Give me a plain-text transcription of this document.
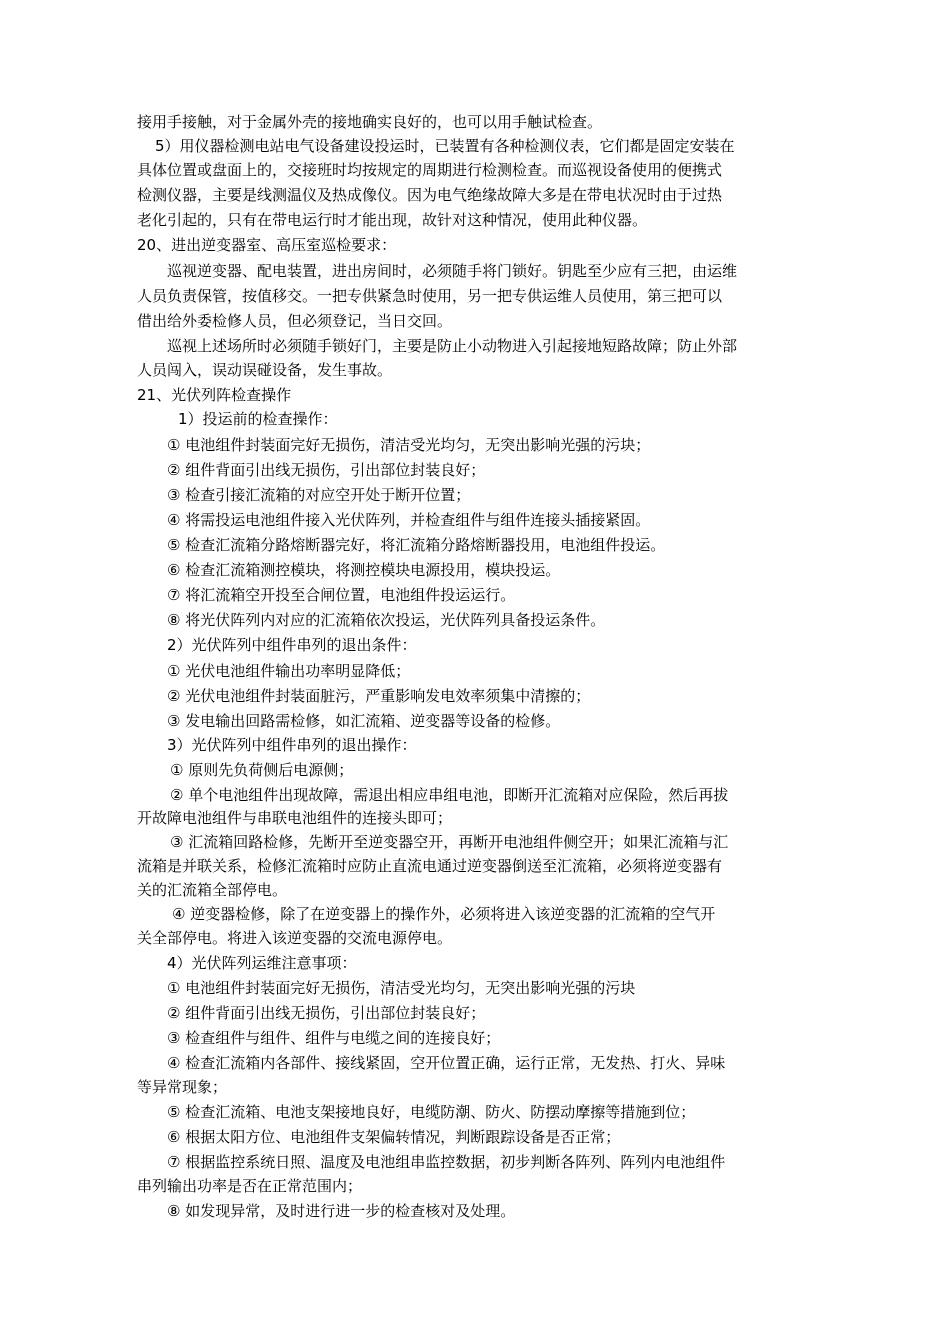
接用手接触，对于金属外壳的接地确实良好的，也可以用手触试检查。
5）用仪器检测电站电气设备建设投运时，已装置有各种检测仪表，它们都是固定安装在
具体位置或盘面上的，交接班时均按规定的周期进行检测检查。而巡视设备使用的便携式
检测仪器，主要是线测温仪及热成像仪。因为电气绝缘故障大多是在带电状况时由于过热
老化引起的，只有在带电运行时才能出现，故针对这种情况，使用此种仪器。
20、进出逆变器室、高压室巡检要求：
巡视逆变器、配电装置，进出房间时，必须随手将门锁好。钥匙至少应有三把，由运维
人员负责保管，按值移交。一把专供紧急时使用，另一把专供运维人员使用，第三把可以
借出给外委检修人员，但必须登记，当日交回。
巡视上述场所时必须随手锁好门，主要是防止小动物进入引起接地短路故障；防止外部
人员闯入，误动误碰设备，发生事故。
21、光伏列阵检查操作
1）投运前的检查操作：
① 电池组件封装面完好无损伤，清洁受光均匀，无突出影响光强的污块；
② 组件背面引出线无损伤，引出部位封装良好；
③ 检查引接汇流箱的对应空开处于断开位置；
④ 将需投运电池组件接入光伏阵列，并检查组件与组件连接头插接紧固。
⑤ 检查汇流箱分路熔断器完好，将汇流箱分路熔断器投用，电池组件投运。
⑥ 检查汇流箱测控模块，将测控模块电源投用，模块投运。
⑦ 将汇流箱空开投至合闸位置，电池组件投运运行。
⑧ 将光伏阵列内对应的汇流箱依次投运，光伏阵列具备投运条件。
2）光伏阵列中组件串列的退出条件：
① 光伏电池组件输出功率明显降低；
② 光伏电池组件封装面脏污，严重影响发电效率须集中清擦的；
③ 发电输出回路需检修，如汇流箱、逆变器等设备的检修。
3）光伏阵列中组件串列的退出操作：
① 原则先负荷侧后电源侧；
② 单个电池组件出现故障，需退出相应串组电池，即断开汇流箱对应保险，然后再拔
开故障电池组件与串联电池组件的连接头即可；
③ 汇流箱回路检修，先断开至逆变器空开，再断开电池组件侧空开；如果汇流箱与汇
流箱是并联关系，检修汇流箱时应防止直流电通过逆变器倒送至汇流箱，必须将逆变器有
关的汇流箱全部停电。
④ 逆变器检修，除了在逆变器上的操作外，必须将进入该逆变器的汇流箱的空气开
关全部停电。将进入该逆变器的交流电源停电。
4）光伏阵列运维注意事项：
① 电池组件封装面完好无损伤，清洁受光均匀，无突出影响光强的污块
② 组件背面引出线无损伤，引出部位封装良好；
③ 检查组件与组件、组件与电缆之间的连接良好；
④ 检查汇流箱内各部件、接线紧固，空开位置正确，运行正常，无发热、打火、异味
等异常现象；
⑤ 检查汇流箱、电池支架接地良好，电缆防潮、防火、防摆动摩擦等措施到位；
⑥ 根据太阳方位、电池组件支架偏转情况，判断跟踪设备是否正常；
⑦ 根据监控系统日照、温度及电池组串监控数据，初步判断各阵列、阵列内电池组件
串列输出功率是否在正常范围内；
⑧ 如发现异常，及时进行进一步的检查核对及处理。
